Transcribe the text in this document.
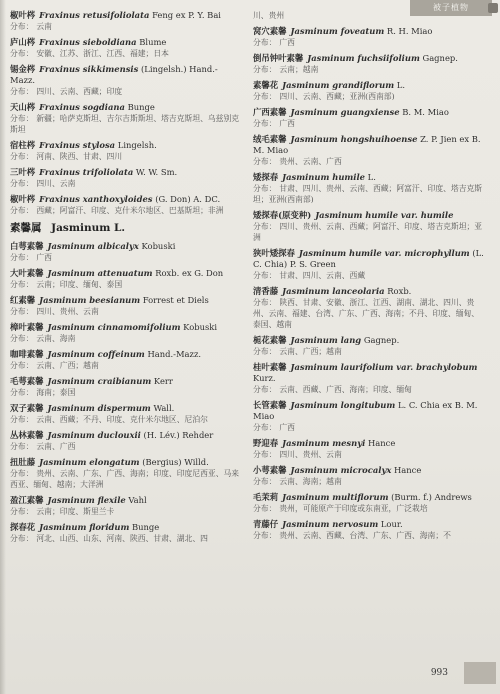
被子植物
椒叶梣 Fraxinus retusifoliolata Feng ex P. Y. Bai
分布： 云南
庐山梣 Fraxinus sieboldiana Blume
分布： 安徽、江苏、浙江、江西、福建；日本
锡金梣 Fraxinus sikkimensis (Lingelsh.) Hand.-Mazz.
分布： 四川、云南、西藏；印度
天山梣 Fraxinus sogdiana Bunge
分布： 新疆；哈萨克斯坦、吉尔吉斯斯坦、塔吉克斯坦、乌兹别克斯坦
宿柱梣 Fraxinus stylosa Lingelsh.
分布： 河南、陕西、甘肃、四川
三叶梣 Fraxinus trifoliolata W. W. Sm.
分布： 四川、云南
椒叶梣 Fraxinus xanthoxyloides (G. Don) A. DC.
分布： 西藏；阿富汗、印度、克什米尔地区、巴基斯坦；非洲
素馨属 Jasminum L.
白萼素馨 Jasminum albicalyx Kobuski
分布： 广西
大叶素馨 Jasminum attenuatum Roxb. ex G. Don
分布： 云南；印度、缅甸、泰国
红素馨 Jasminum beesianum Forrest et Diels
分布： 四川、贵州、云南
樟叶素馨 Jasminum cinnamomifolium Kobuski
分布： 云南、海南
咖啡素馨 Jasminum coffeinum Hand.-Mazz.
分布： 云南、广西；越南
毛萼素馨 Jasminum craibianum Kerr
分布： 海南；泰国
双子素馨 Jasminum dispermum Wall.
分布： 云南、西藏；不丹、印度、克什米尔地区、尼泊尔
丛林素馨 Jasminum duclouxii (H. Lév.) Rehder
分布： 云南、广西
扭肚藤 Jasminum elongatum (Bergius) Willd.
分布： 贵州、云南、广东、广西、海南；印度、印度尼西亚、马来西亚、缅甸、越南；大洋洲
盈江素馨 Jasminum flexile Vahl
分布： 云南；印度、斯里兰卡
探春花 Jasminum floridum Bunge
分布： 河北、山西、山东、河南、陕西、甘肃、湖北、四
川、贵州
窝穴素馨 Jasminum foveatum R. H. Miao
分布： 广西
倒吊钟叶素馨 Jasminum fuchsiifolium Gagnep.
分布： 云南；越南
素馨花 Jasminum grandiflorum L.
分布： 四川、云南、西藏；亚洲(西南部)
广西素馨 Jasminum guangxiense B. M. Miao
分布： 广西
绒毛素馨 Jasminum hongshuihoense Z. P. Jien ex B. M. Miao
分布： 贵州、云南、广西
矮探春 Jasminum humile L.
分布： 甘肃、四川、贵州、云南、西藏；阿富汗、印度、塔吉克斯坦；亚洲(西南部)
矮探春(原变种) Jasminum humile var. humile
分布： 四川、贵州、云南、西藏；阿富汗、印度、塔吉克斯坦；亚洲
狭叶矮探春 Jasminum humile var. microphyllum (L. C. Chia) P. S. Green
分布： 甘肃、四川、云南、西藏
清香藤 Jasminum lanceolaria Roxb.
分布： 陕西、甘肃、安徽、浙江、江西、湖南、湖北、四川、贵州、云南、福建、台湾、广东、广西、海南；不丹、印度、缅甸、泰国、越南
栀花素馨 Jasminum lang Gagnep.
分布： 云南、广西；越南
桂叶素馨 Jasminum laurifolium var. brachylobum Kurz.
分布： 云南、西藏、广西、海南；印度、缅甸
长管素馨 Jasminum longitubum L. C. Chia ex B. M. Miao
分布： 广西
野迎春 Jasminum mesnyi Hance
分布： 四川、贵州、云南
小萼素馨 Jasminum microcalyx Hance
分布： 云南、海南；越南
毛茉莉 Jasminum multiflorum (Burm. f.) Andrews
分布： 贵州，可能原产于印度或东南亚，广泛栽培
青藤仔 Jasminum nervosum Lour.
分布： 贵州、云南、西藏、台湾、广东、广西、海南；不
993
